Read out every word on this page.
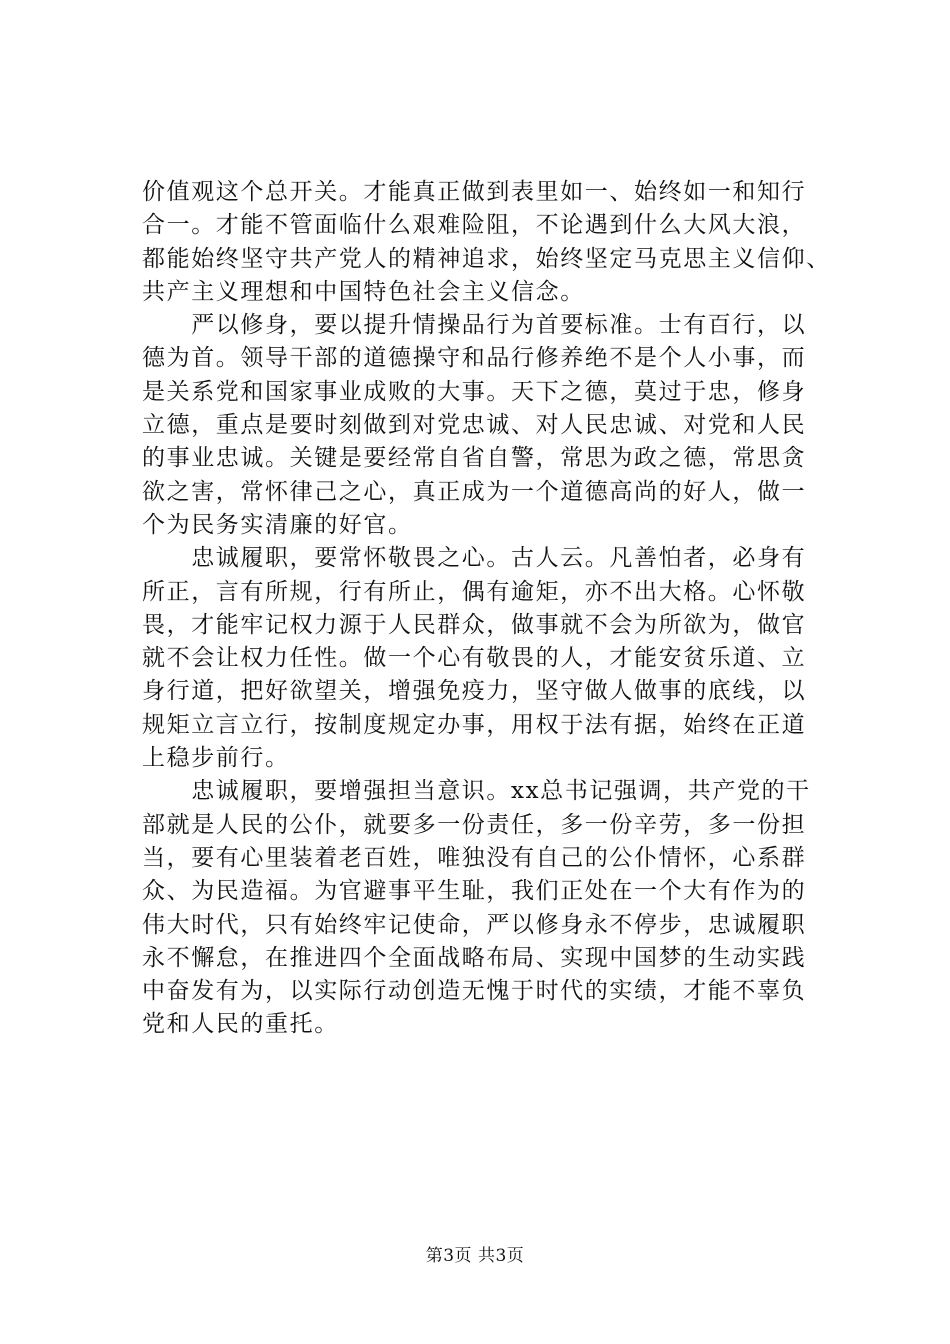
价值观这个总开关。才能真正做到表里如一、始终如一和知行
合一。才能不管面临什么艰难险阻，不论遇到什么大风大浪，
都能始终坚守共产党人的精神追求，始终坚定马克思主义信仰、
共产主义理想和中国特色社会主义信念。
　　严以修身，要以提升情操品行为首要标准。士有百行，以
德为首。领导干部的道德操守和品行修养绝不是个人小事，而
是关系党和国家事业成败的大事。天下之德，莫过于忠，修身
立德，重点是要时刻做到对党忠诚、对人民忠诚、对党和人民
的事业忠诚。关键是要经常自省自警，常思为政之德，常思贪
欲之害，常怀律己之心，真正成为一个道德高尚的好人，做一
个为民务实清廉的好官。
　　忠诚履职，要常怀敬畏之心。古人云。凡善怕者，必身有
所正，言有所规，行有所止，偶有逾矩，亦不出大格。心怀敬
畏，才能牢记权力源于人民群众，做事就不会为所欲为，做官
就不会让权力任性。做一个心有敬畏的人，才能安贫乐道、立
身行道，把好欲望关，增强免疫力，坚守做人做事的底线，以
规矩立言立行，按制度规定办事，用权于法有据，始终在正道
上稳步前行。
　　忠诚履职，要增强担当意识。xx总书记强调，共产党的干
部就是人民的公仆，就要多一份责任，多一份辛劳，多一份担
当，要有心里装着老百姓，唯独没有自己的公仆情怀，心系群
众、为民造福。为官避事平生耻，我们正处在一个大有作为的
伟大时代，只有始终牢记使命，严以修身永不停步，忠诚履职
永不懈怠，在推进四个全面战略布局、实现中国梦的生动实践
中奋发有为，以实际行动创造无愧于时代的实绩，才能不辜负
党和人民的重托。
第3页 共3页
